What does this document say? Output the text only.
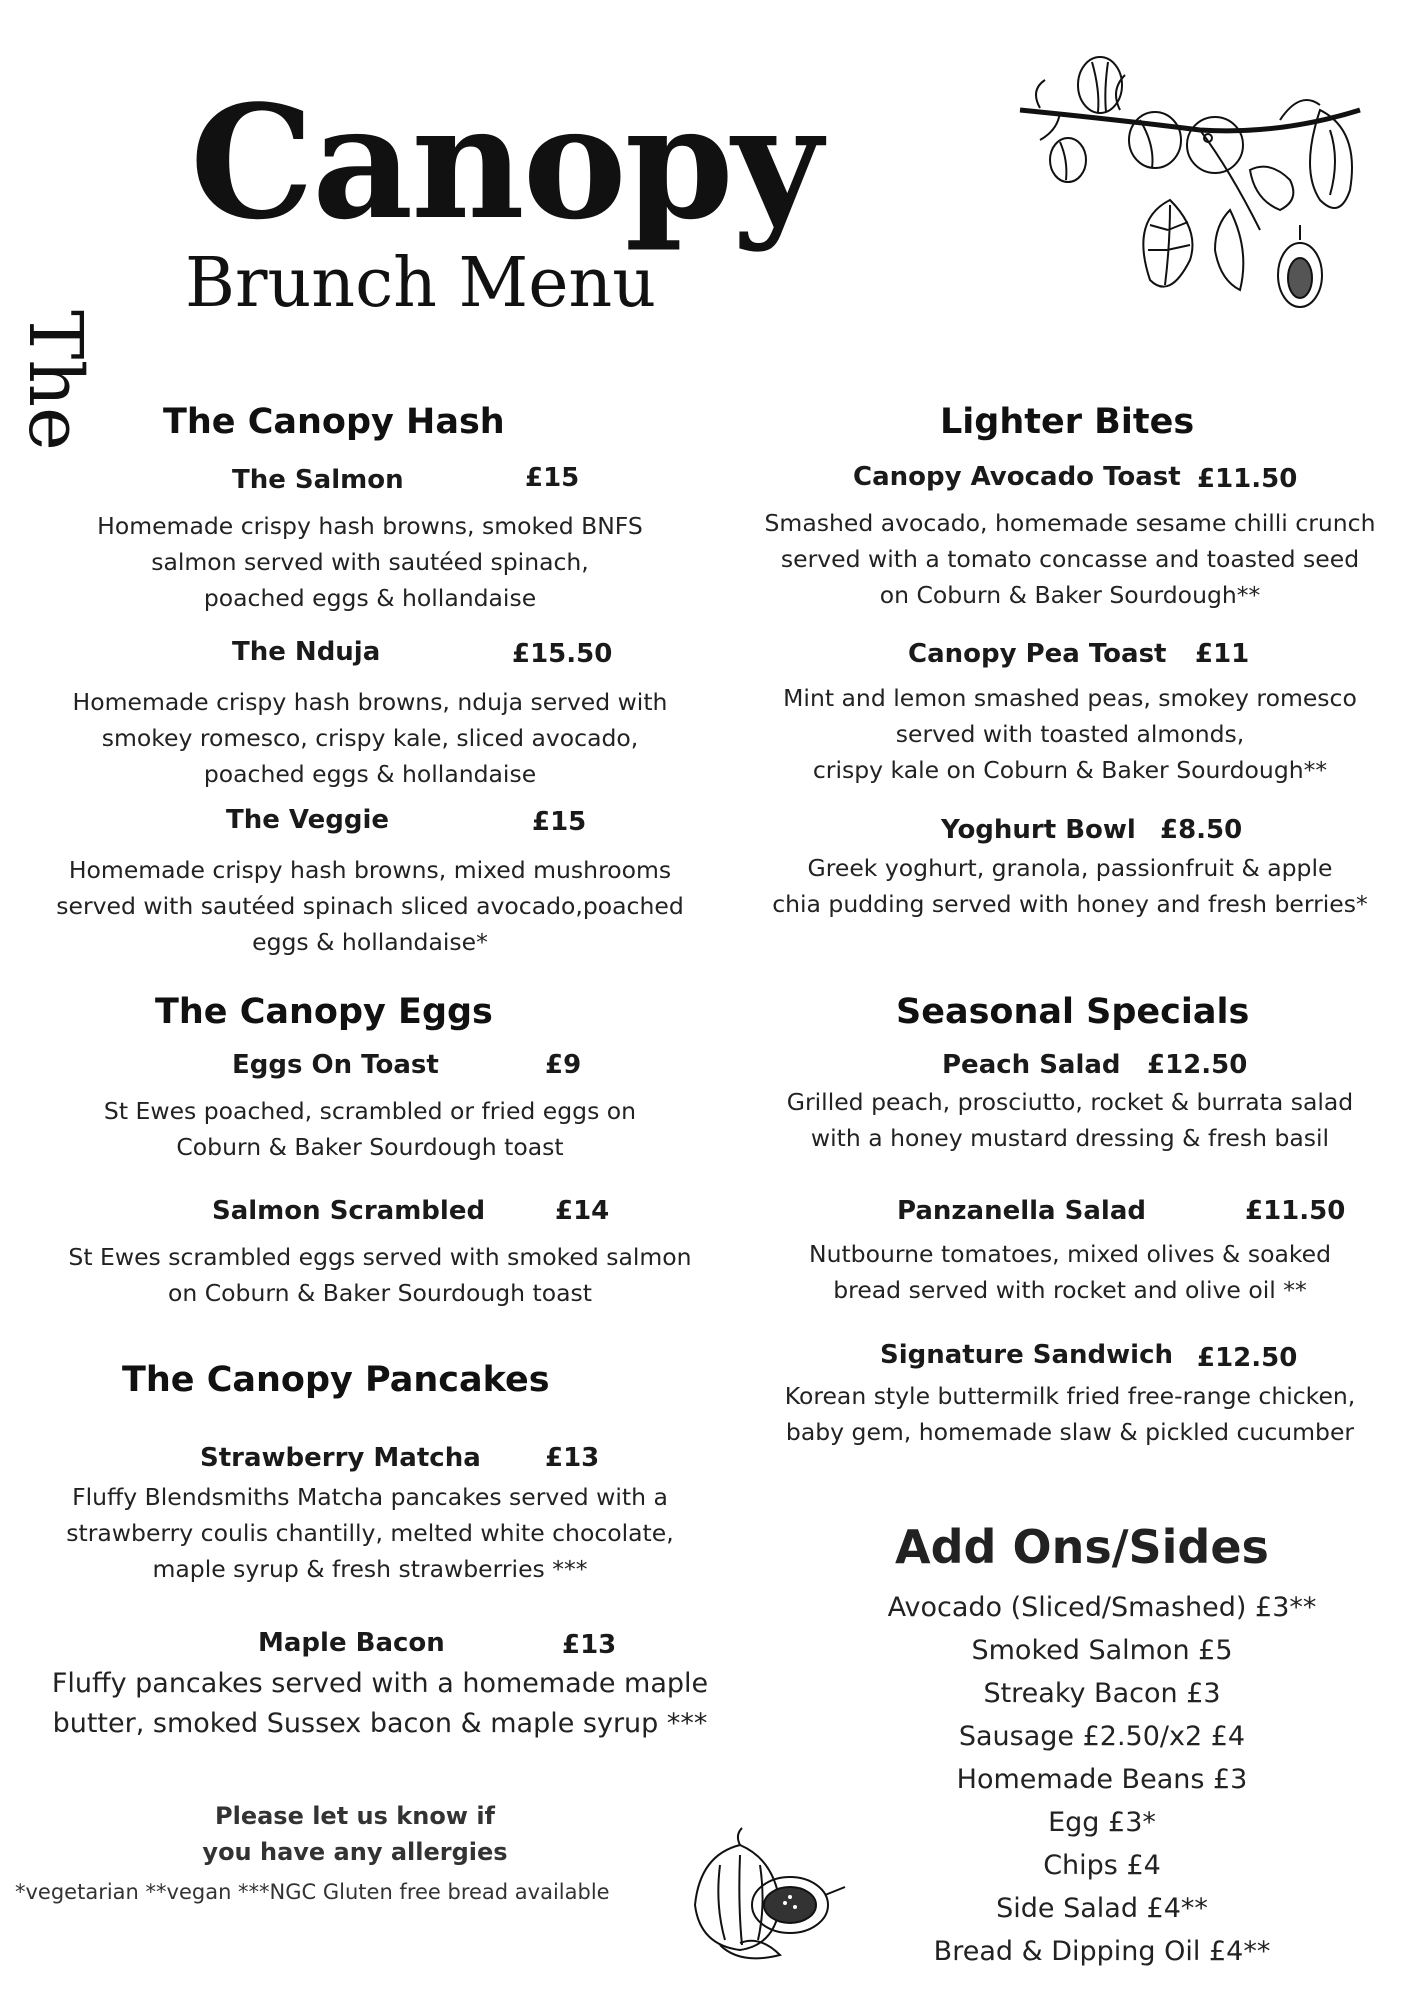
The
Canopy
Brunch Menu
The Canopy Hash
The Salmon	£15
Homemade crispy hash browns, smoked BNFS
salmon served with sautéed spinach,
poached eggs & hollandaise
The Nduja	£15.50
Homemade crispy hash browns, nduja served with
smokey romesco, crispy kale, sliced avocado,
poached eggs & hollandaise
The Veggie	£15
Homemade crispy hash browns, mixed mushrooms
served with sautéed spinach sliced avocado,poached
eggs & hollandaise*
The Canopy Eggs
Eggs On Toast	£9
St Ewes poached, scrambled or fried eggs on
Coburn & Baker Sourdough toast
Salmon Scrambled	£14
St Ewes scrambled eggs served with smoked salmon
on Coburn & Baker Sourdough toast
The Canopy Pancakes
Strawberry Matcha £13
Fluffy Blendsmiths Matcha pancakes served with a
strawberry coulis chantilly, melted white chocolate,
maple syrup & fresh strawberries ***
Maple Bacon	£13
Fluffy pancakes served with a homemade maple
butter, smoked Sussex bacon & maple syrup ***
Please let us know if
you have any allergies
*vegetarian **vegan ***NGC Gluten free bread available
Lighter Bites
Canopy Avocado Toast £11.50
Smashed avocado, homemade sesame chilli crunch
served with a tomato concasse and toasted seed
on Coburn & Baker Sourdough**
Canopy Pea Toast £11
Mint and lemon smashed peas, smokey romesco
served with toasted almonds,
crispy kale on Coburn & Baker Sourdough**
Yoghurt Bowl £8.50
Greek yoghurt, granola, passionfruit & apple
chia pudding served with honey and fresh berries*
Seasonal Specials
Peach Salad £12.50
Grilled peach, prosciutto, rocket & burrata salad
with a honey mustard dressing & fresh basil
Panzanella Salad	£11.50
Nutbourne tomatoes, mixed olives & soaked
bread served with rocket and olive oil **
Signature Sandwich £12.50
Korean style buttermilk fried free-range chicken,
baby gem, homemade slaw & pickled cucumber
Add Ons/Sides
Avocado (Sliced/Smashed) £3**
Smoked Salmon £5
Streaky Bacon £3
Sausage £2.50/x2 £4
Homemade Beans £3
Egg £3*
Chips £4
Side Salad £4**
Bread & Dipping Oil £4**
